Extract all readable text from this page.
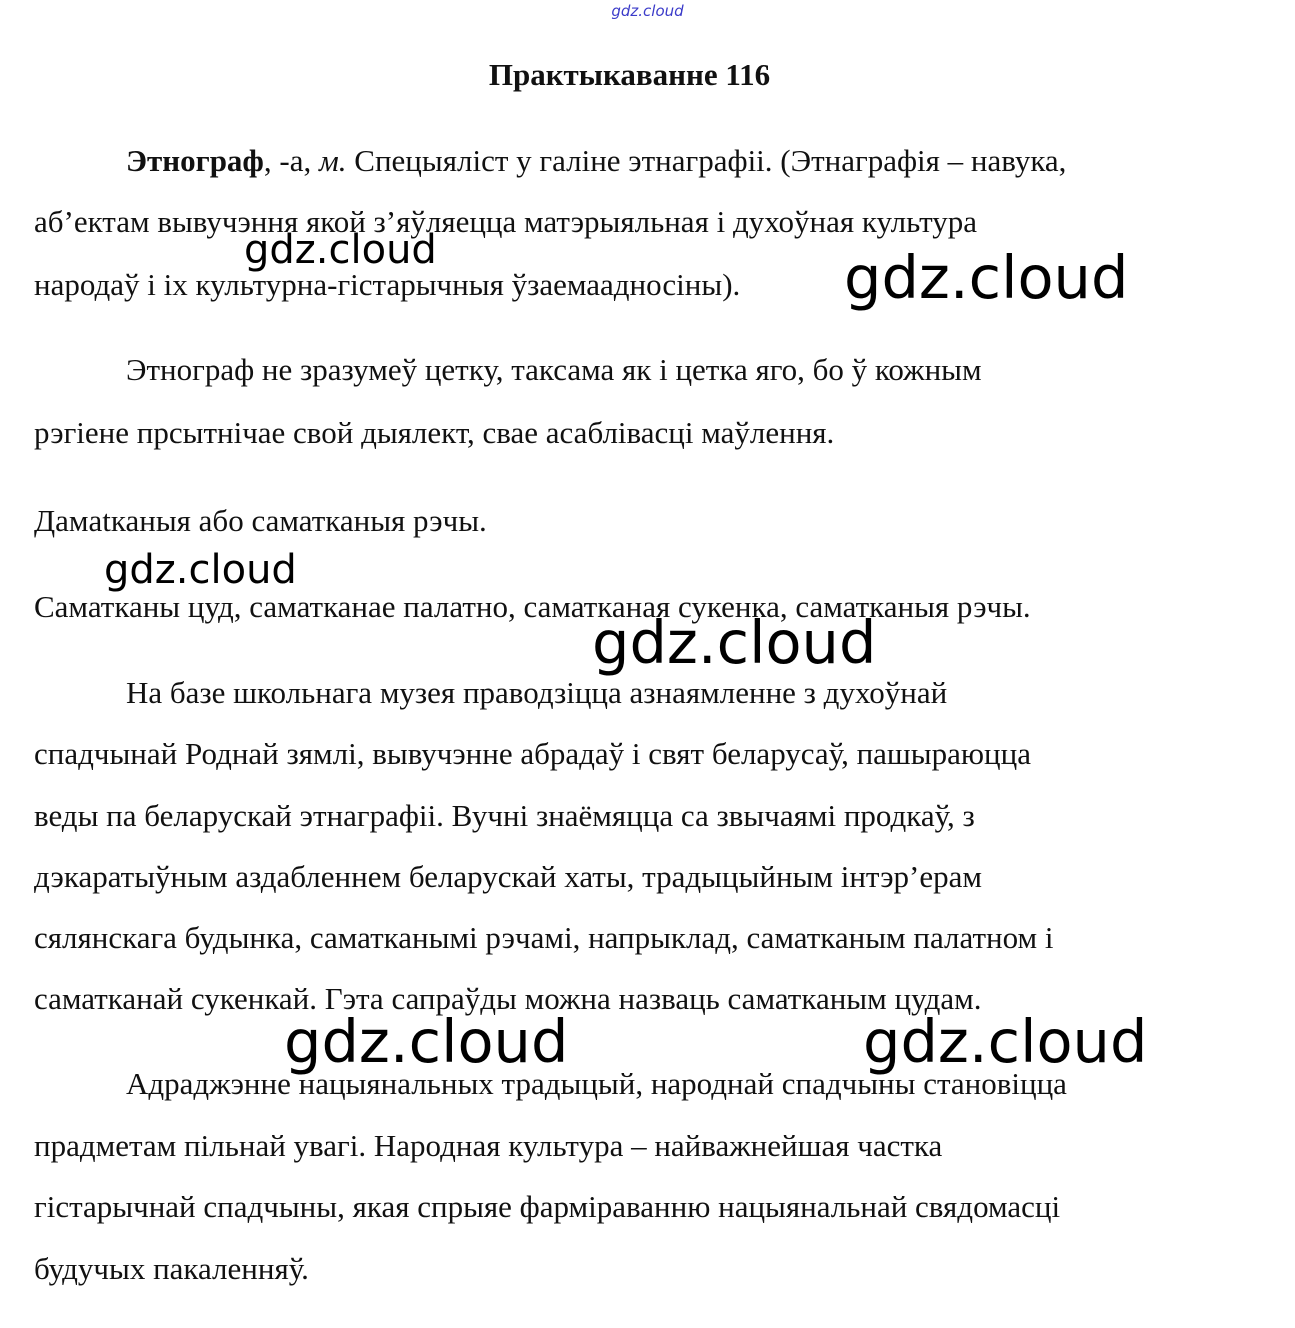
gdz.cloud
Практыкаванне 116
Этнограф, -а, м. Спецыяліст у галіне этнаграфіі. (Этнаграфія – навука,
аб’ектам вывучэння якой з’яўляецца матэрыяльная і духоўная культура
народаў і іх культурна-гістарычныя ўзаемаадносіны).
Этнограф не зразумеў цетку, таксама як і цетка яго, бо ў кожным
рэгіене прсытнічае свой дыялект, свае асаблівасці маўлення.
Дамatканыя або саматканыя рэчы.
Саматканы цуд, саматканае палатно, саматканая сукенка, саматканыя рэчы.
На базе школьнага музея праводзіцца азнаямленне з духоўнай
спадчынай Роднай зямлі, вывучэнне абрадаў і свят беларусаў, пашыраюцца
веды па беларускай этнаграфіі. Вучні знаёмяцца са звычаямі продкаў, з
дэкаратыўным аздабленнем беларускай хаты, традыцыйным інтэр’ерам
сялянскага будынка, саматканымі рэчамі, напрыклад, саматканым палатном і
саматканай сукенкай. Гэта сапраўды можна назваць саматканым цудам.
Адраджэнне нацыянальных традыцый, народнай спадчыны становіцца
прадметам пільнай увагі. Народная культура – найважнейшая частка
гістарычнай спадчыны, якая спрыяе фарміраванню нацыянальнай свядомасці
будучых пакаленняў.
gdz.cloud	gdz.cloud
gdz.cloud
gdz.cloud
gdz.cloud	gdz.cloud
